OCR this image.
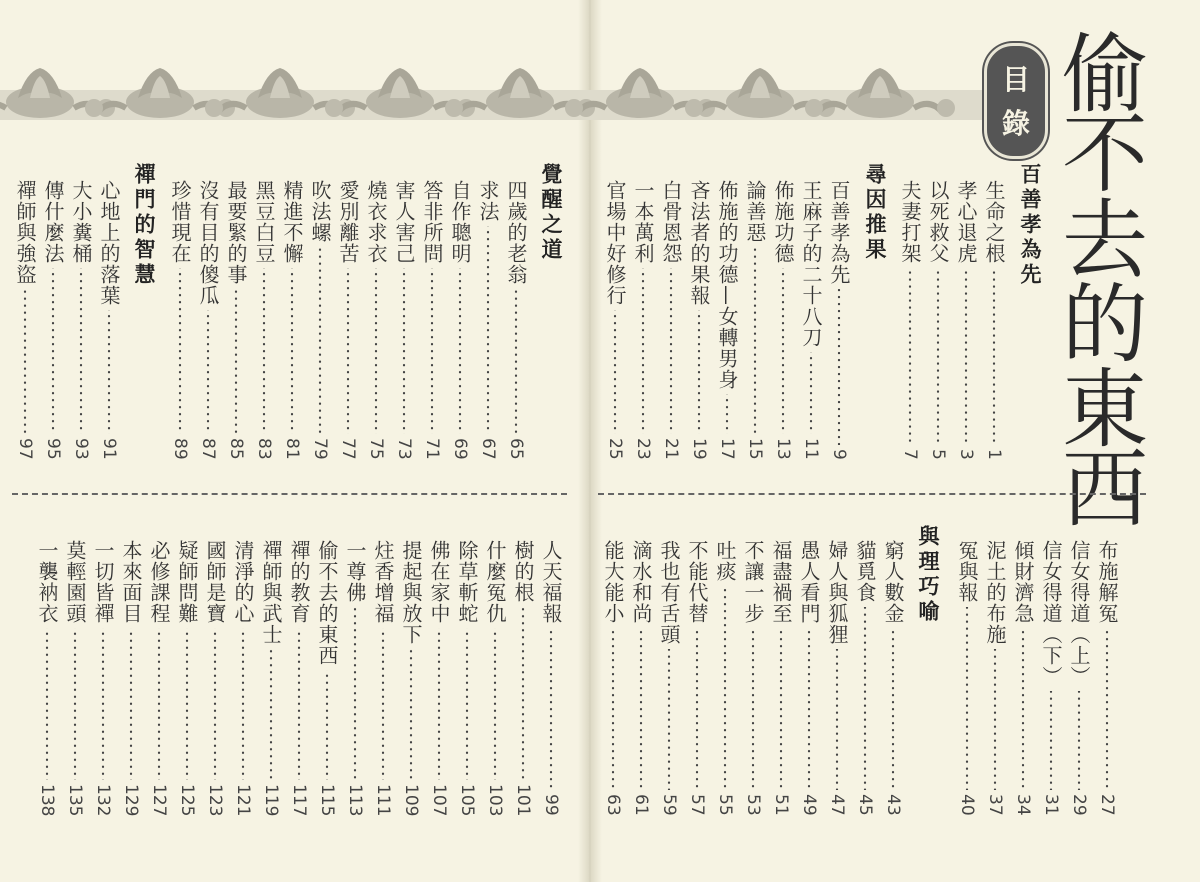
目
錄 偷
不
去
的
東
西
百善孝為先
尋因推果
覺醒之道
禪門的智慧
與理巧喻
生命之根
1
孝心退虎
3
以死救父
5
夫妻打架
7
百善孝為先
9
王麻子的二十八刀
11
佈施功德
13
論善惡
15
佈施的功德—女轉男身
17
吝法者的果報
19
白骨恩怨
21
一本萬利
23
官場中好修行
25
四歲的老翁
65
求法
67
自作聰明
69
答非所問
71
害人害己
73
燒衣求衣
75
愛別離苦
77
吹法螺
79
精進不懈
81
黑豆白豆
83
最要緊的事
85
沒有目的傻瓜
87
珍惜現在
89
心地上的落葉
91
大小糞桶
93
傳什麼法
95
禪師與強盜
97
布施解冤
27
信女得道（上）
29
信女得道（下）
31
傾財濟急
34
泥土的布施
37
冤與報
40
窮人數金
43
貓覓食
45
婦人與狐狸
47
愚人看門
49
福盡禍至
51
不讓一步
53
吐痰
55
不能代替
57
我也有舌頭
59
滴水和尚
61
能大能小
63
人天福報
99
樹的根
101
什麼冤仇
103
除草斬蛇
105
佛在家中
107
提起與放下
109
炷香增福
111
一尊佛
113
偷不去的東西
115
禪的教育
117
禪師與武士
119
清淨的心
121
國師是寶
123
疑師問難
125
必修課程
127
本來面目
129
一切皆禪
132
莫輕園頭
135
一襲衲衣
138
